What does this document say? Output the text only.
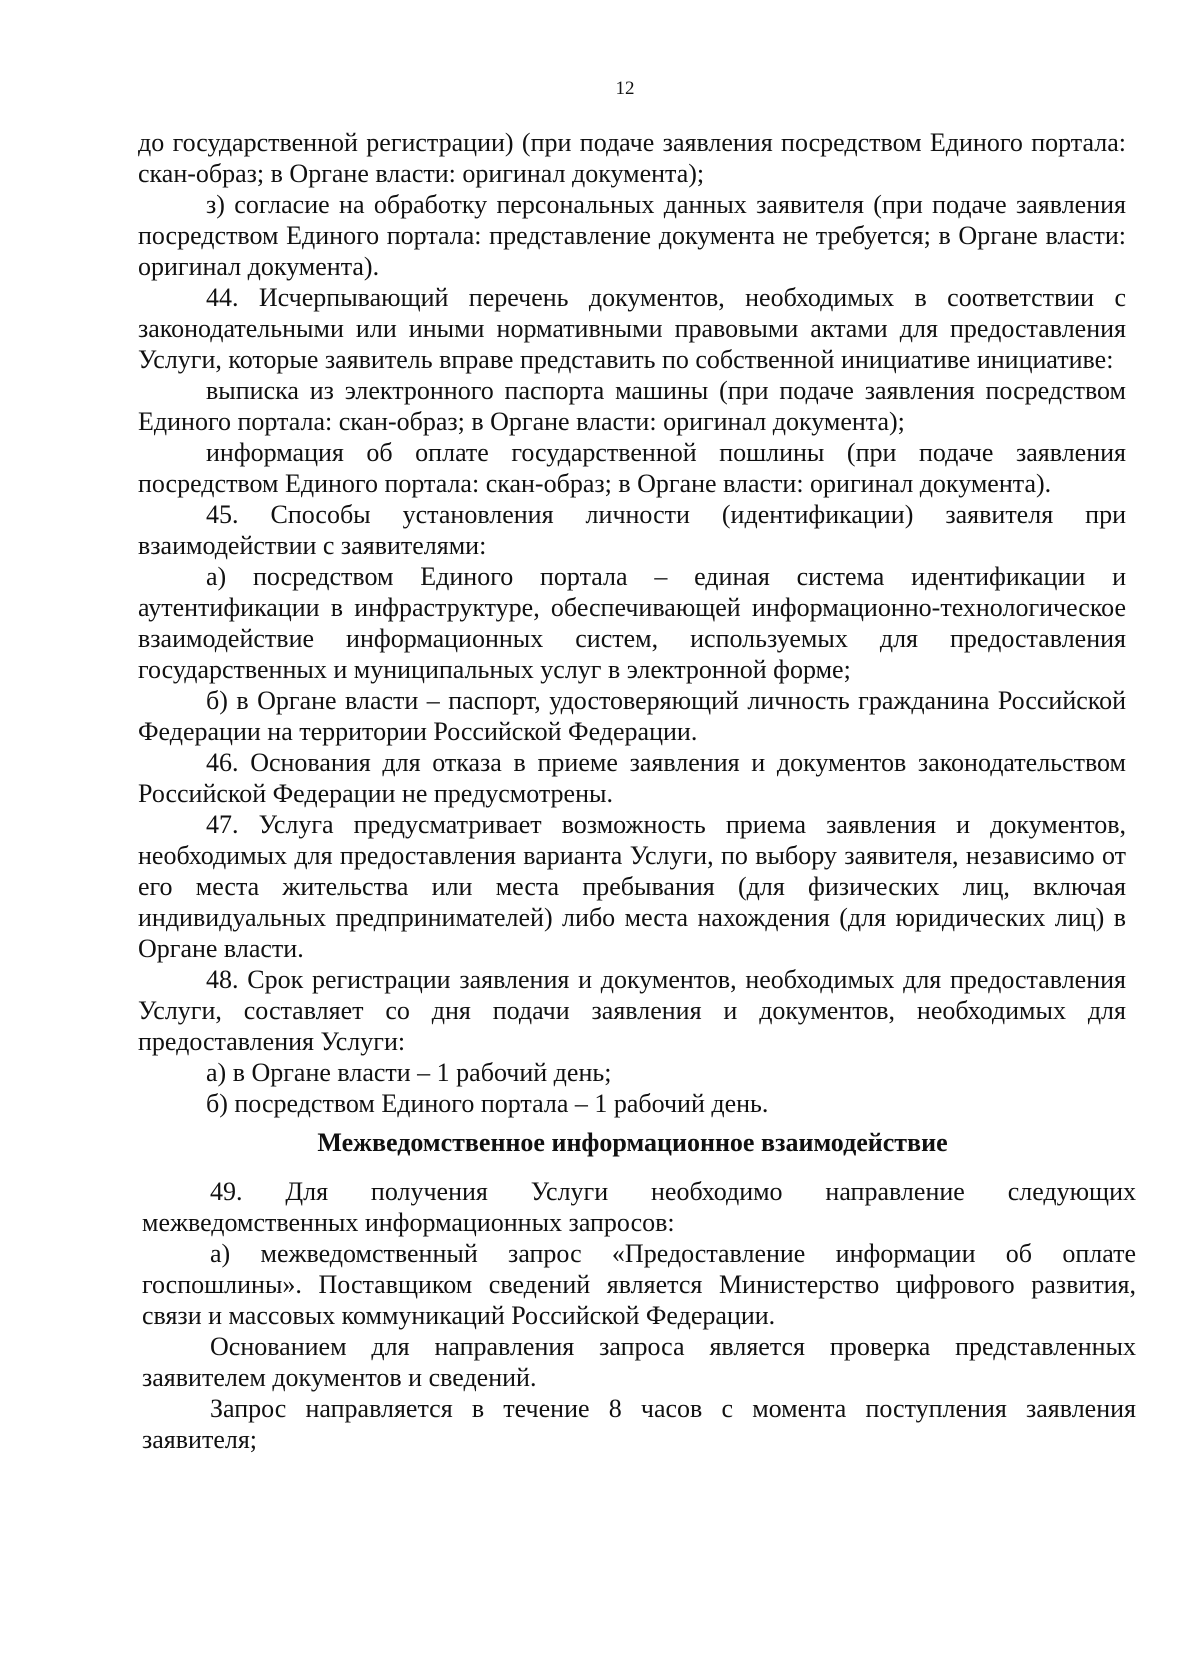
12

до государственной регистрации) (при подаче заявления посредством Единого портала: скан-образ; в Органе власти: оригинал документа);

з) согласие на обработку персональных данных заявителя (при подаче заявления посредством Единого портала: представление документа не требуется; в Органе власти: оригинал документа).

44. Исчерпывающий перечень документов, необходимых в соответствии с законодательными или иными нормативными правовыми актами для предоставления Услуги, которые заявитель вправе представить по собственной инициативе инициативе:

выписка из электронного паспорта машины (при подаче заявления посредством Единого портала: скан-образ; в Органе власти: оригинал документа);

информация об оплате государственной пошлины (при подаче заявления посредством Единого портала: скан-образ; в Органе власти: оригинал документа).

45. Способы установления личности (идентификации) заявителя при взаимодействии с заявителями:

а) посредством Единого портала – единая система идентификации и аутентификации в инфраструктуре, обеспечивающей информационно-технологическое взаимодействие информационных систем, используемых для предоставления государственных и муниципальных услуг в электронной форме;

б) в Органе власти – паспорт, удостоверяющий личность гражданина Российской Федерации на территории Российской Федерации.

46. Основания для отказа в приеме заявления и документов законодательством Российской Федерации не предусмотрены.

47. Услуга предусматривает возможность приема заявления и документов, необходимых для предоставления варианта Услуги, по выбору заявителя, независимо от его места жительства или места пребывания (для физических лиц, включая индивидуальных предпринимателей) либо места нахождения (для юридических лиц) в Органе власти.

48. Срок регистрации заявления и документов, необходимых для предоставления Услуги, составляет со дня подачи заявления и документов, необходимых для предоставления Услуги:

а) в Органе власти – 1 рабочий день;

б) посредством Единого портала – 1 рабочий день.

Межведомственное информационное взаимодействие

49. Для получения Услуги необходимо направление следующих межведомственных информационных запросов:

а) межведомственный запрос «Предоставление информации об оплате госпошлины». Поставщиком сведений является Министерство цифрового развития, связи и массовых коммуникаций Российской Федерации.

Основанием для направления запроса является проверка представленных заявителем документов и сведений.

Запрос направляется в течение 8 часов с момента поступления заявления заявителя;
